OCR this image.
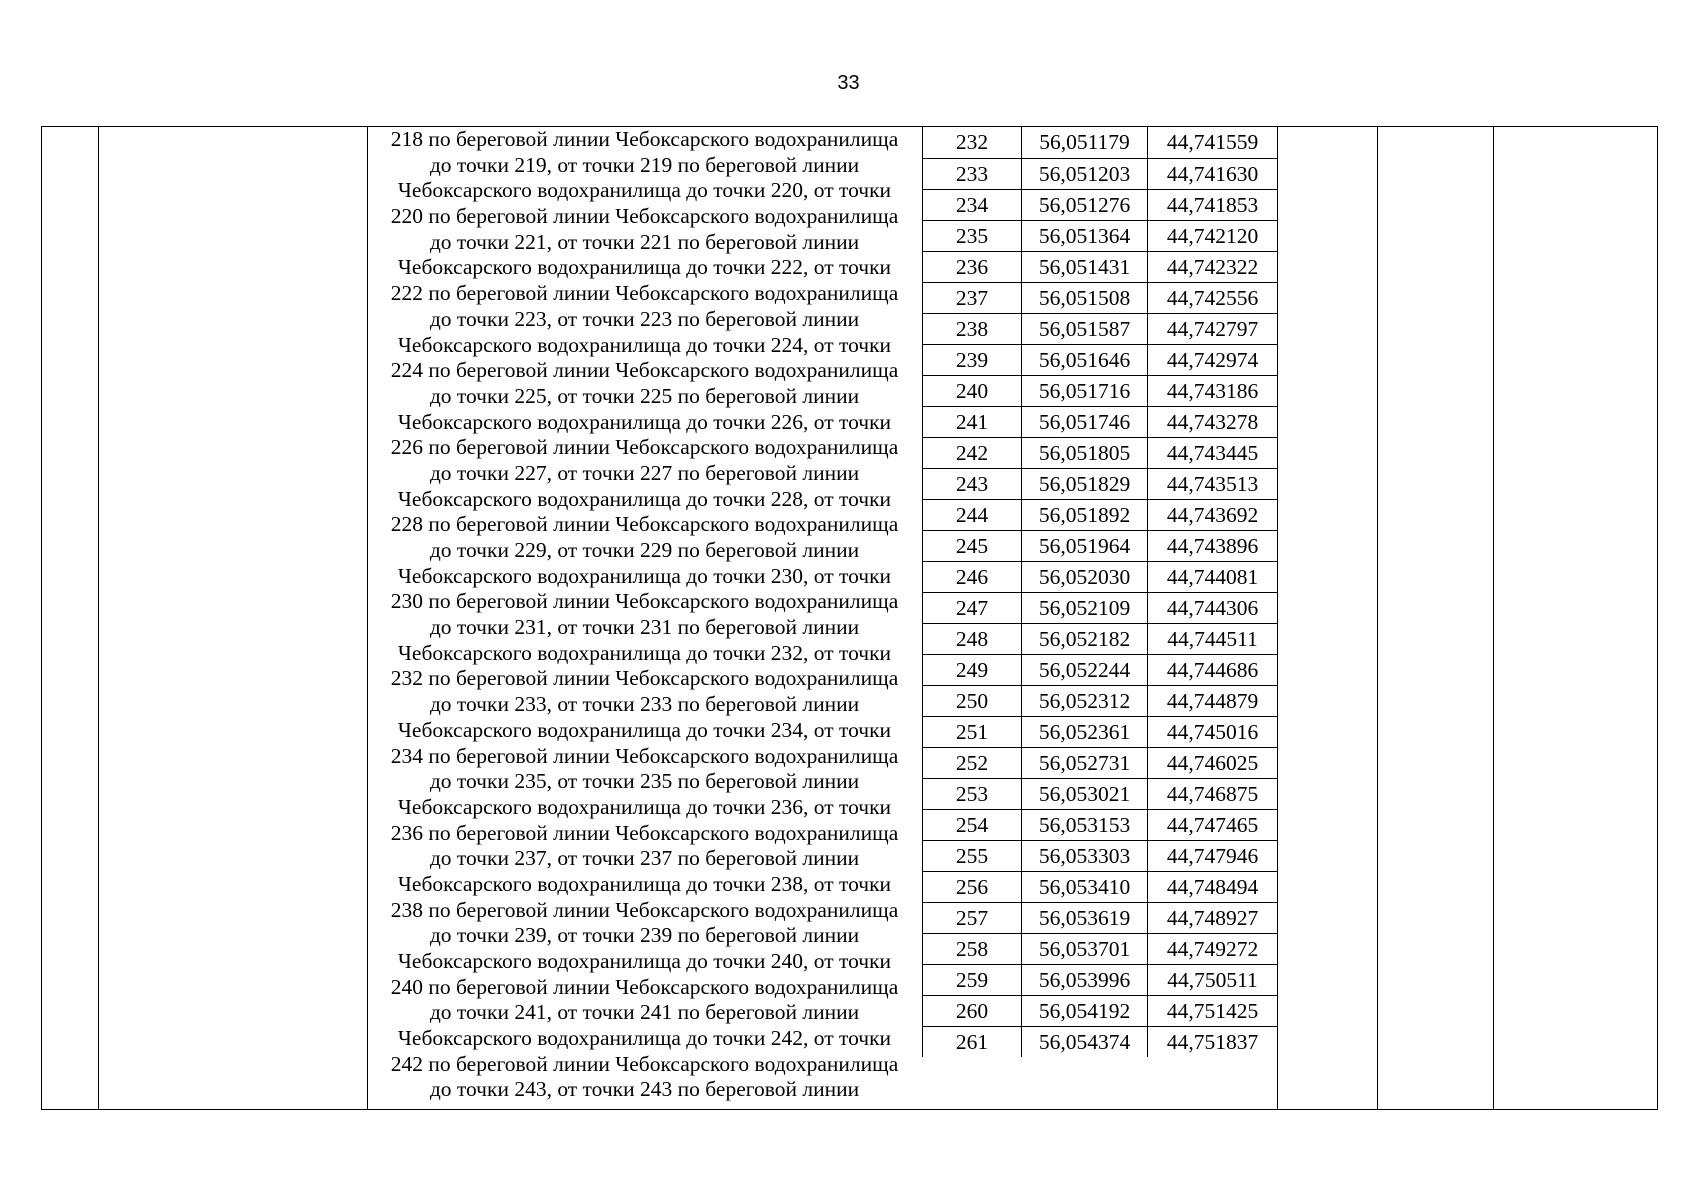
33
218 по береговой линии Чебоксарского водохранилища
до точки 219, от точки 219 по береговой линии
Чебоксарского водохранилища до точки 220, от точки
220 по береговой линии Чебоксарского водохранилища
до точки 221, от точки 221 по береговой линии
Чебоксарского водохранилища до точки 222, от точки
222 по береговой линии Чебоксарского водохранилища
до точки 223, от точки 223 по береговой линии
Чебоксарского водохранилища до точки 224, от точки
224 по береговой линии Чебоксарского водохранилища
до точки 225, от точки 225 по береговой линии
Чебоксарского водохранилища до точки 226, от точки
226 по береговой линии Чебоксарского водохранилища
до точки 227, от точки 227 по береговой линии
Чебоксарского водохранилища до точки 228, от точки
228 по береговой линии Чебоксарского водохранилища
до точки 229, от точки 229 по береговой линии
Чебоксарского водохранилища до точки 230, от точки
230 по береговой линии Чебоксарского водохранилища
до точки 231, от точки 231 по береговой линии
Чебоксарского водохранилища до точки 232, от точки
232 по береговой линии Чебоксарского водохранилища
до точки 233, от точки 233 по береговой линии
Чебоксарского водохранилища до точки 234, от точки
234 по береговой линии Чебоксарского водохранилища
до точки 235, от точки 235 по береговой линии
Чебоксарского водохранилища до точки 236, от точки
236 по береговой линии Чебоксарского водохранилища
до точки 237, от точки 237 по береговой линии
Чебоксарского водохранилища до точки 238, от точки
238 по береговой линии Чебоксарского водохранилища
до точки 239, от точки 239 по береговой линии
Чебоксарского водохранилища до точки 240, от точки
240 по береговой линии Чебоксарского водохранилища
до точки 241, от точки 241 по береговой линии
Чебоксарского водохранилища до точки 242, от точки
242 по береговой линии Чебоксарского водохранилища
до точки 243, от точки 243 по береговой линии
232	56,051179	44,741559
233	56,051203	44,741630
234	56,051276	44,741853
235	56,051364	44,742120
236	56,051431	44,742322
237	56,051508	44,742556
238	56,051587	44,742797
239	56,051646	44,742974
240	56,051716	44,743186
241	56,051746	44,743278
242	56,051805	44,743445
243	56,051829	44,743513
244	56,051892	44,743692
245	56,051964	44,743896
246	56,052030	44,744081
247	56,052109	44,744306
248	56,052182	44,744511
249	56,052244	44,744686
250	56,052312	44,744879
251	56,052361	44,745016
252	56,052731	44,746025
253	56,053021	44,746875
254	56,053153	44,747465
255	56,053303	44,747946
256	56,053410	44,748494
257	56,053619	44,748927
258	56,053701	44,749272
259	56,053996	44,750511
260	56,054192	44,751425
261	56,054374	44,751837
